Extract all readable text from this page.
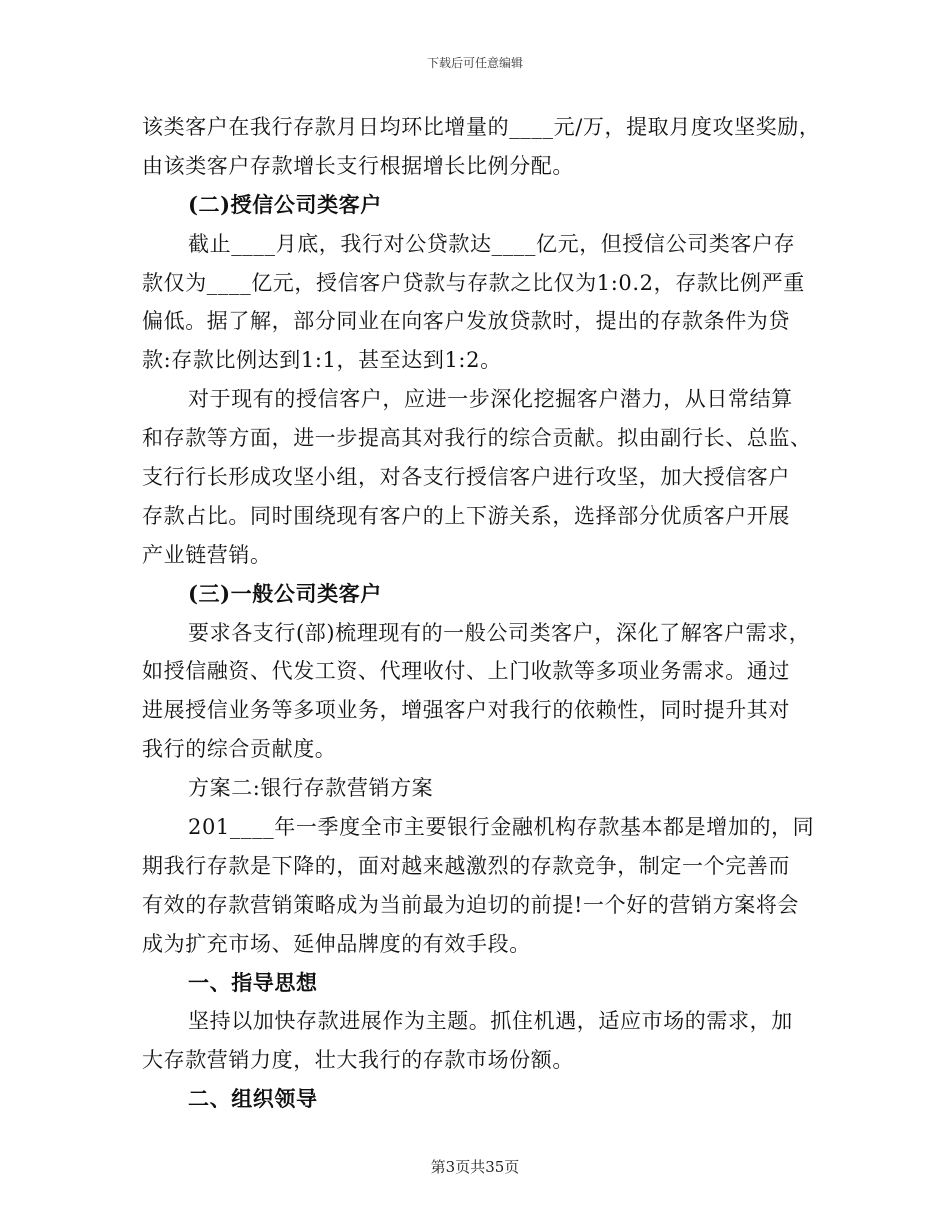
下载后可任意编辑
该类客户在我行存款月日均环比增量的____元/万，提取月度攻坚奖励，
由该类客户存款增长支行根据增长比例分配。
(二)授信公司类客户
截止____月底，我行对公贷款达____亿元，但授信公司类客户存
款仅为____亿元，授信客户贷款与存款之比仅为1:0.2，存款比例严重
偏低。据了解，部分同业在向客户发放贷款时，提出的存款条件为贷
款:存款比例达到1:1，甚至达到1:2。
对于现有的授信客户，应进一步深化挖掘客户潜力，从日常结算
和存款等方面，进一步提高其对我行的综合贡献。拟由副行长、总监、
支行行长形成攻坚小组，对各支行授信客户进行攻坚，加大授信客户
存款占比。同时围绕现有客户的上下游关系，选择部分优质客户开展
产业链营销。
(三)一般公司类客户
要求各支行(部)梳理现有的一般公司类客户，深化了解客户需求，
如授信融资、代发工资、代理收付、上门收款等多项业务需求。通过
进展授信业务等多项业务，增强客户对我行的依赖性，同时提升其对
我行的综合贡献度。
方案二:银行存款营销方案
201____年一季度全市主要银行金融机构存款基本都是增加的，同
期我行存款是下降的，面对越来越激烈的存款竞争，制定一个完善而
有效的存款营销策略成为当前最为迫切的前提!一个好的营销方案将会
成为扩充市场、延伸品牌度的有效手段。
一、指导思想
坚持以加快存款进展作为主题。抓住机遇，适应市场的需求，加
大存款营销力度，壮大我行的存款市场份额。
二、组织领导
第3页共35页
